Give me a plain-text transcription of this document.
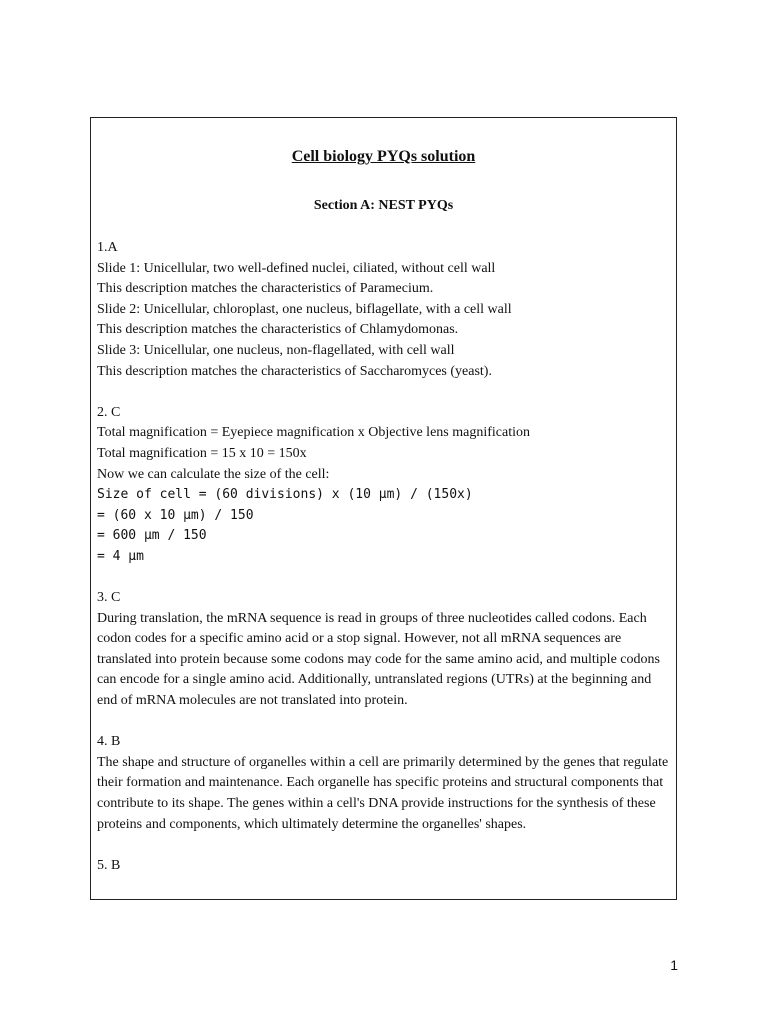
Cell biology PYQs solution
Section A: NEST PYQs
1.A
Slide 1: Unicellular, two well-defined nuclei, ciliated, without cell wall
This description matches the characteristics of Paramecium.
Slide 2: Unicellular, chloroplast, one nucleus, biflagellate, with a cell wall
This description matches the characteristics of Chlamydomonas.
Slide 3: Unicellular, one nucleus, non-flagellated, with cell wall
This description matches the characteristics of Saccharomyces (yeast).
2. C
Total magnification = Eyepiece magnification x Objective lens magnification
Total magnification = 15 x 10 = 150x
Now we can calculate the size of the cell:
Size of cell = (60 divisions) x (10 μm) / (150x)
= (60 x 10 μm) / 150
= 600 μm / 150
= 4 μm
3. C
During translation, the mRNA sequence is read in groups of three nucleotides called codons. Each codon codes for a specific amino acid or a stop signal. However, not all mRNA sequences are translated into protein because some codons may code for the same amino acid, and multiple codons can encode for a single amino acid. Additionally, untranslated regions (UTRs) at the beginning and end of mRNA molecules are not translated into protein.
4. B
The shape and structure of organelles within a cell are primarily determined by the genes that regulate their formation and maintenance. Each organelle has specific proteins and structural components that contribute to its shape. The genes within a cell's DNA provide instructions for the synthesis of these proteins and components, which ultimately determine the organelles' shapes.
5. B
1
